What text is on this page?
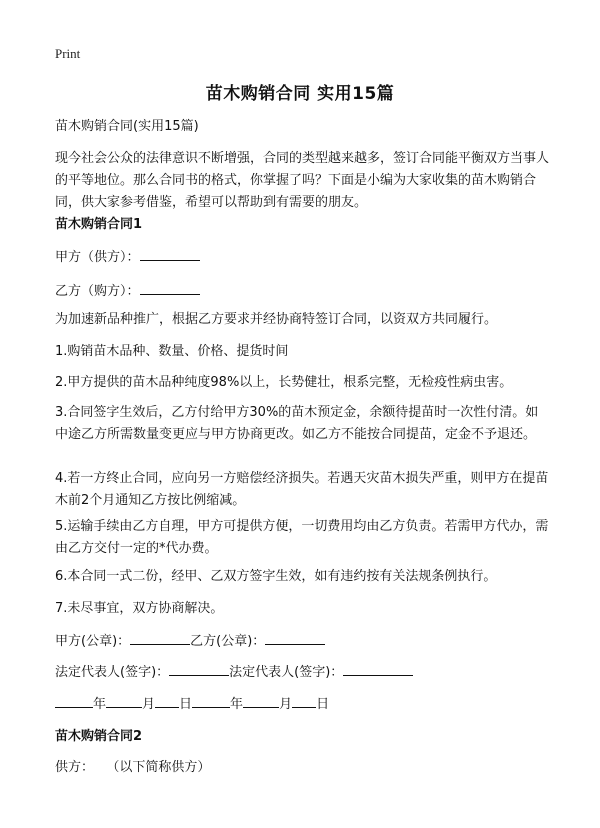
Print
苗木购销合同 实用15篇
苗木购销合同(实用15篇)
现今社会公众的法律意识不断增强，合同的类型越来越多，签订合同能平衡双方当事人的平等地位。那么合同书的格式，你掌握了吗？下面是小编为大家收集的苗木购销合同，供大家参考借鉴，希望可以帮助到有需要的朋友。
苗木购销合同1
甲方（供方）：
乙方（购方）：
为加速新品种推广，根据乙方要求并经协商特签订合同，以资双方共同履行。
1.购销苗木品种、数量、价格、提货时间
2.甲方提供的苗木品种纯度98%以上，长势健壮，根系完整，无检疫性病虫害。
3.合同签字生效后，乙方付给甲方30%的苗木预定金，余额待提苗时一次性付清。如中途乙方所需数量变更应与甲方协商更改。如乙方不能按合同提苗，定金不予退还。
4.若一方终止合同，应向另一方赔偿经济损失。若遇天灾苗木损失严重，则甲方在提苗木前2个月通知乙方按比例缩减。
5.运输手续由乙方自理，甲方可提供方便，一切费用均由乙方负责。若需甲方代办，需由乙方交付一定的*代办费。
6.本合同一式二份，经甲、乙双方签字生效，如有违约按有关法规条例执行。
7.未尽事宜，双方协商解决。
甲方(公章)：	乙方(公章)：
法定代表人(签字)：	法定代表人(签字)：
年	月 日	年	月 日
苗木购销合同2
供方： （以下简称供方）
